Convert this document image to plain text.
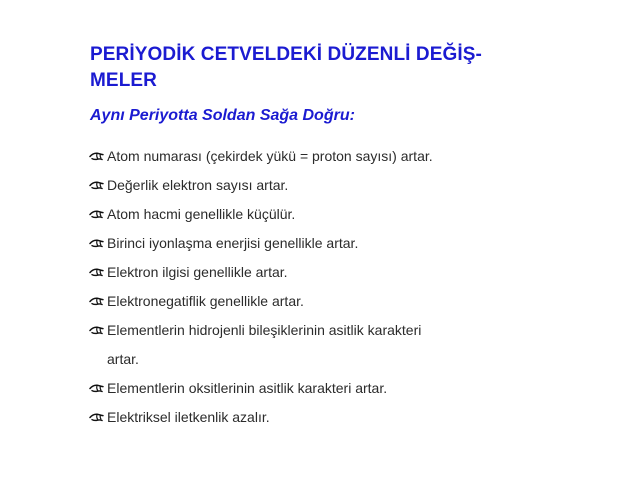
PERİYODİK CETVELDEKİ DÜZENLİ DEĞİŞ-
MELER
Aynı Periyotta Soldan Sağa Doğru:
Atom numarası (çekirdek yükü = proton sayısı) artar.
Değerlik elektron sayısı artar.
Atom hacmi genellikle küçülür.
Birinci iyonlaşma enerjisi genellikle artar.
Elektron ilgisi genellikle artar.
Elektronegatiflik genellikle artar.
Elementlerin hidrojenli bileşiklerinin asitlik karakteri
artar.
Elementlerin oksitlerinin asitlik karakteri artar.
Elektriksel iletkenlik azalır.
